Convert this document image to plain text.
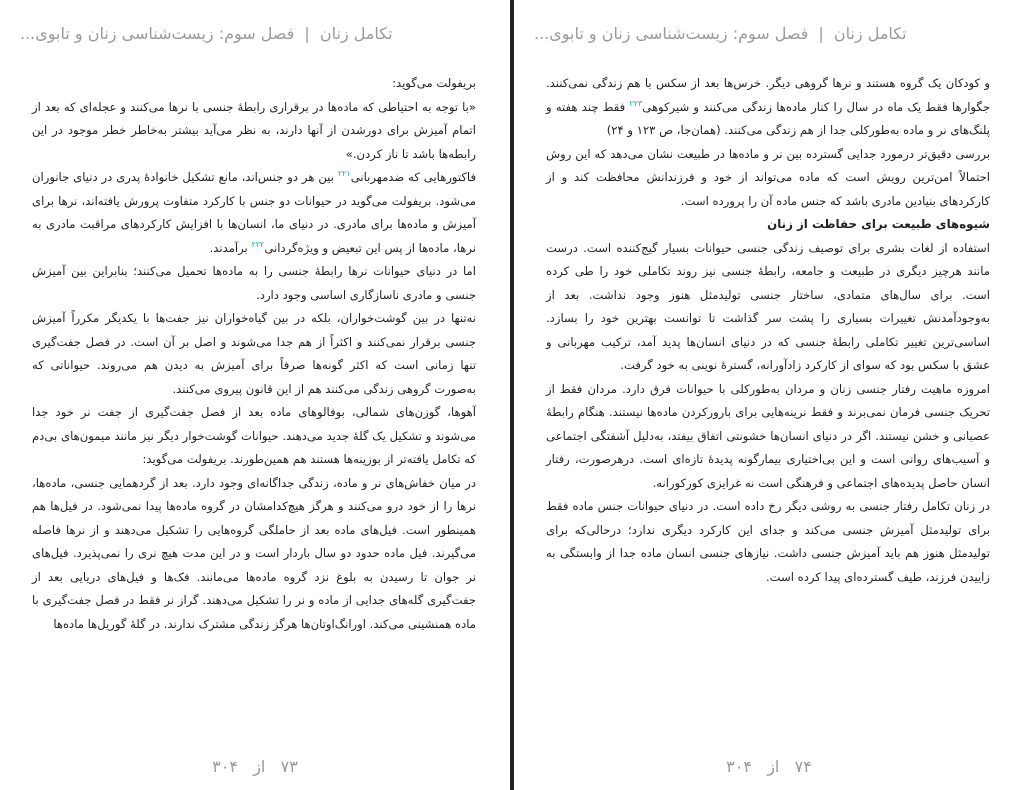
تکامل زنان|فصل سوم: زیست‌شناسی زنان و تابوی...

بریفولت می‌گوید:

«با توجه به احتیاطی که ماده‌ها در برقراری رابطهٔ جنسی با نرها می‌کنند و عجله‌ای که بعد از اتمام آمیزش برای دورشدن از آنها دارند، به نظر می‌آید بیشتر به‌خاطر خطر موجود در این رابطه‌ها باشد تا ناز کردن.»

فاکتورهایی که ضدمهربانی$^{۲۲۱}$ بین هر دو جنس‌اند، مانع تشکیل خانوادهٔ پدری در دنیای جانوران می‌شود. بریفولت می‌گوید در حیوانات دو جنس با کارکرد متفاوت پرورش یافته‌اند، نرها برای آمیزش و ماده‌ها برای مادری. در دنیای ما، انسان‌ها با افزایش کارکردهای مراقبت مادری به نرها، ماده‌ها از پس این تبعیض و ویژه‌گردانی$^{۲۲۲}$ برآمدند.

اما در دنیای حیوانات نرها رابطهٔ جنسی را به ماده‌ها تحمیل می‌کنند؛ بنابراین بین آمیزش جنسی و مادری ناسازگاری اساسی وجود دارد.

نه‌تنها در بین گوشت‌خواران، بلکه در بین گیاه‌خواران نیز جفت‌ها با یکدیگر مکرراً آمیزش جنسی برقرار نمی‌کنند و اکثراً از هم جدا می‌شوند و اصل بر آن است. در فصل جفت‌گیری تنها زمانی است که اکثر گونه‌ها صرفاً برای آمیزش به دیدن هم می‌روند. حیواناتی که به‌صورت گروهی زندگی می‌کنند هم از این قانون پیروی می‌کنند.

آهوها، گوزن‌های شمالی، بوفالوهای ماده بعد از فصل جفت‌گیری از جفت نر خود جدا می‌شوند و تشکیل یک گلهٔ جدید می‌دهند. حیوانات گوشت‌خوار دیگر نیز مانند میمون‌های بی‌دم که تکامل یافته‌تر از بوزینه‌ها هستند هم همین‌طورند. بریفولت می‌گوید:

در میان خفاش‌های نر و ماده، زندگی جداگانه‌ای وجود دارد. بعد از گردهمایی جنسی، ماده‌ها، نرها را از خود درو می‌کنند و هرگز هیچ‌کدامشان در گروه ماده‌ها پیدا نمی‌شود. در فیل‌ها هم همینطور است. فیل‌های ماده بعد از حاملگی گروه‌هایی را تشکیل می‌دهند و از نرها فاصله می‌گیرند. فیل ماده حدود دو سال باردار است و در این مدت هیچ نری را نمی‌پذیرد. فیل‌های نر جوان تا رسیدن به بلوغ نزد گروه ماده‌ها می‌مانند. فک‌ها و فیل‌های دریایی بعد از جفت‌گیری گله‌های جدایی از ماده و نر را تشکیل می‌دهند. گراز نر فقط در فصل جفت‌گیری با ماده همنشینی می‌کند. اورانگ‌اوتان‌ها هرگز زندگی مشترک ندارند. در گلهٔ گوریل‌ها ماده‌ها

۷۳   از   ۳۰۴
تکامل زنان|فصل سوم: زیست‌شناسی زنان و تابوی...

و کودکان یک گروه هستند و نرها گروهی دیگر. خرس‌ها بعد از سکس با هم زندگی نمی‌کنند. جگوارها فقط یک ماه در سال را کنار ماده‌ها زندگی می‌کنند و شیرکوهی$^{۲۲۳}$ فقط چند هفته و پلنگ‌های نر و ماده به‌طورکلی جدا از هم زندگی می‌کنند. (همان‌جا، ص ۱۲۳ و ۲۴)

بررسی دقیق‌تر درمورد جدایی گسترده بین نر و ماده‌ها در طبیعت نشان می‌دهد که این روش احتمالاً امن‌ترین رویش است که ماده می‌تواند از خود و فرزندانش محافظت کند و از کارکردهای بنیادین مادری باشد که جنس ماده آن را پرورده است.

شیوه‌های طبیعت برای حفاظت از زنان

استفاده از لغات بشری برای توصیف زندگی جنسی حیوانات بسیار گیج‌کننده است. درست مانند هرچیز دیگری در طبیعت و جامعه، رابطهٔ جنسی نیز روند تکاملی خود را طی کرده است. برای سال‌های متمادی، ساختار جنسی تولیدمثل هنوز وجود نداشت. بعد از به‌وجودآمدنش تغییرات بسیاری را پشت سر گذاشت تا توانست بهترین خود را بسازد. اساسی‌ترین تغییر تکاملی رابطهٔ جنسی که در دنیای انسان‌ها پدید آمد، ترکیب مهربانی و عشق با سکس بود که سوای از کارکرد زادآورانه، گسترهٔ نوینی به خود گرفت.

امروزه ماهیت رفتار جنسی زنان و مردان به‌طورکلی با حیوانات فرق دارد. مردان فقط از تحریک جنسی فرمان نمی‌برند و فقط نرینه‌هایی برای بارورکردن ماده‌ها نیستند. هنگام رابطهٔ عصبانی و خشن نیستند. اگر در دنیای انسان‌ها خشونتی اتفاق بیفتد، به‌دلیل آشفتگی اجتماعی و آسیب‌های روانی است و این بی‌اختیاری بیمارگونه پدیدهٔ تازه‌ای است. درهرصورت، رفتار انسان حاصل پدیده‌های اجتماعی و فرهنگی است نه غرایزی کورکورانه.

در زنان تکامل رفتار جنسی به روشی دیگر رخ داده است. در دنیای حیوانات جنس ماده فقط برای تولیدمثل آمیزش جنسی می‌کند و جدای این کارکرد دیگری ندارد؛ درحالی‌که برای تولیدمثل هنوز هم باید آمیزش جنسی داشت. نیازهای جنسی انسان ماده جدا از وابستگی به زاییدن فرزند، طیف گسترده‌ای پیدا کرده است.

۷۴   از   ۳۰۴
